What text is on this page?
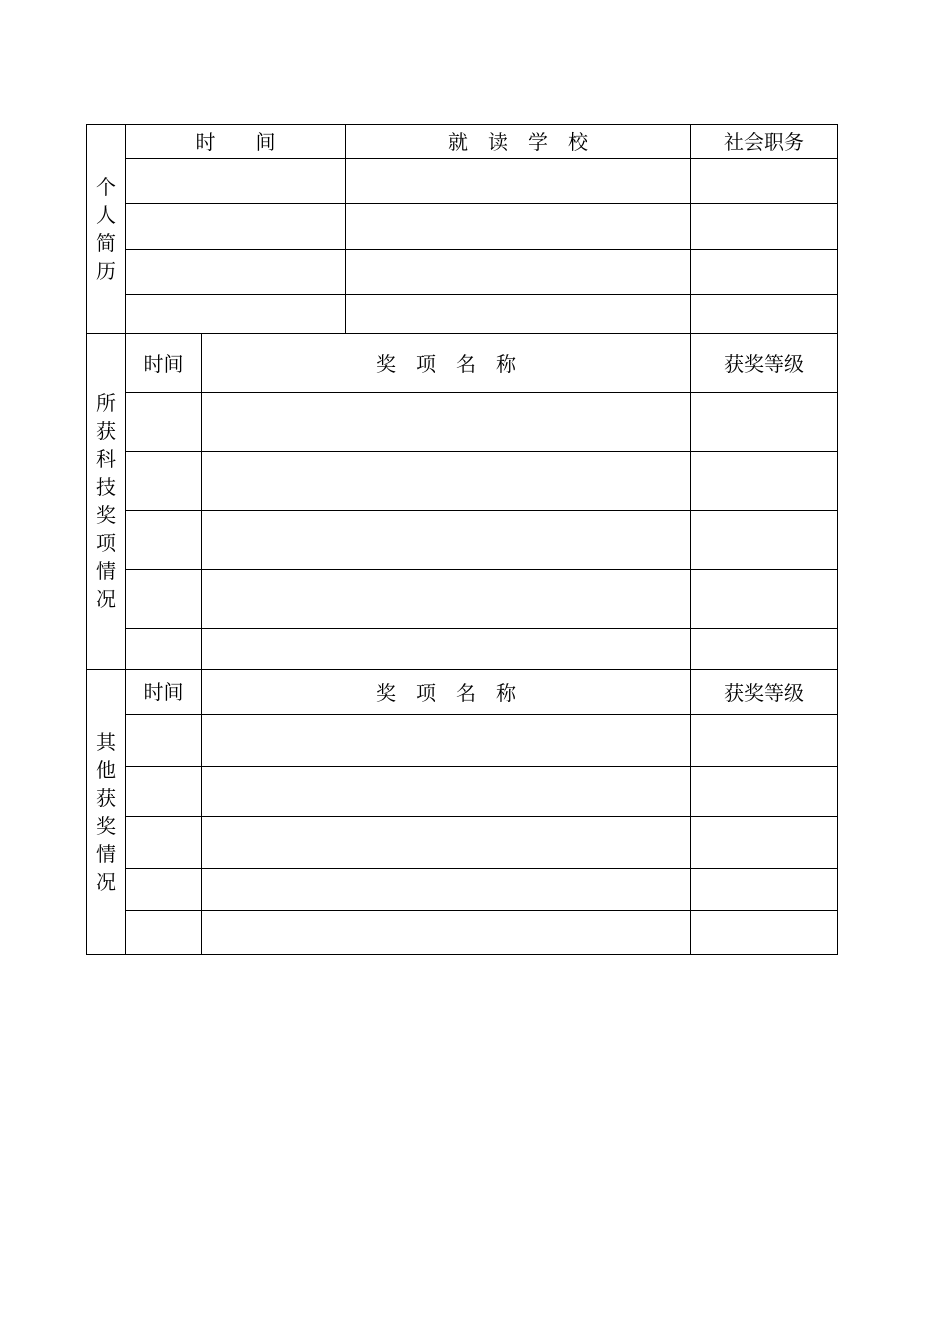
个人简历	时　　间	就　读　学　校	社会职务

所获科技奖项情况	时间	奖　项　名　称	获奖等级

其他获奖情况	时间	奖　项　名　称	获奖等级
